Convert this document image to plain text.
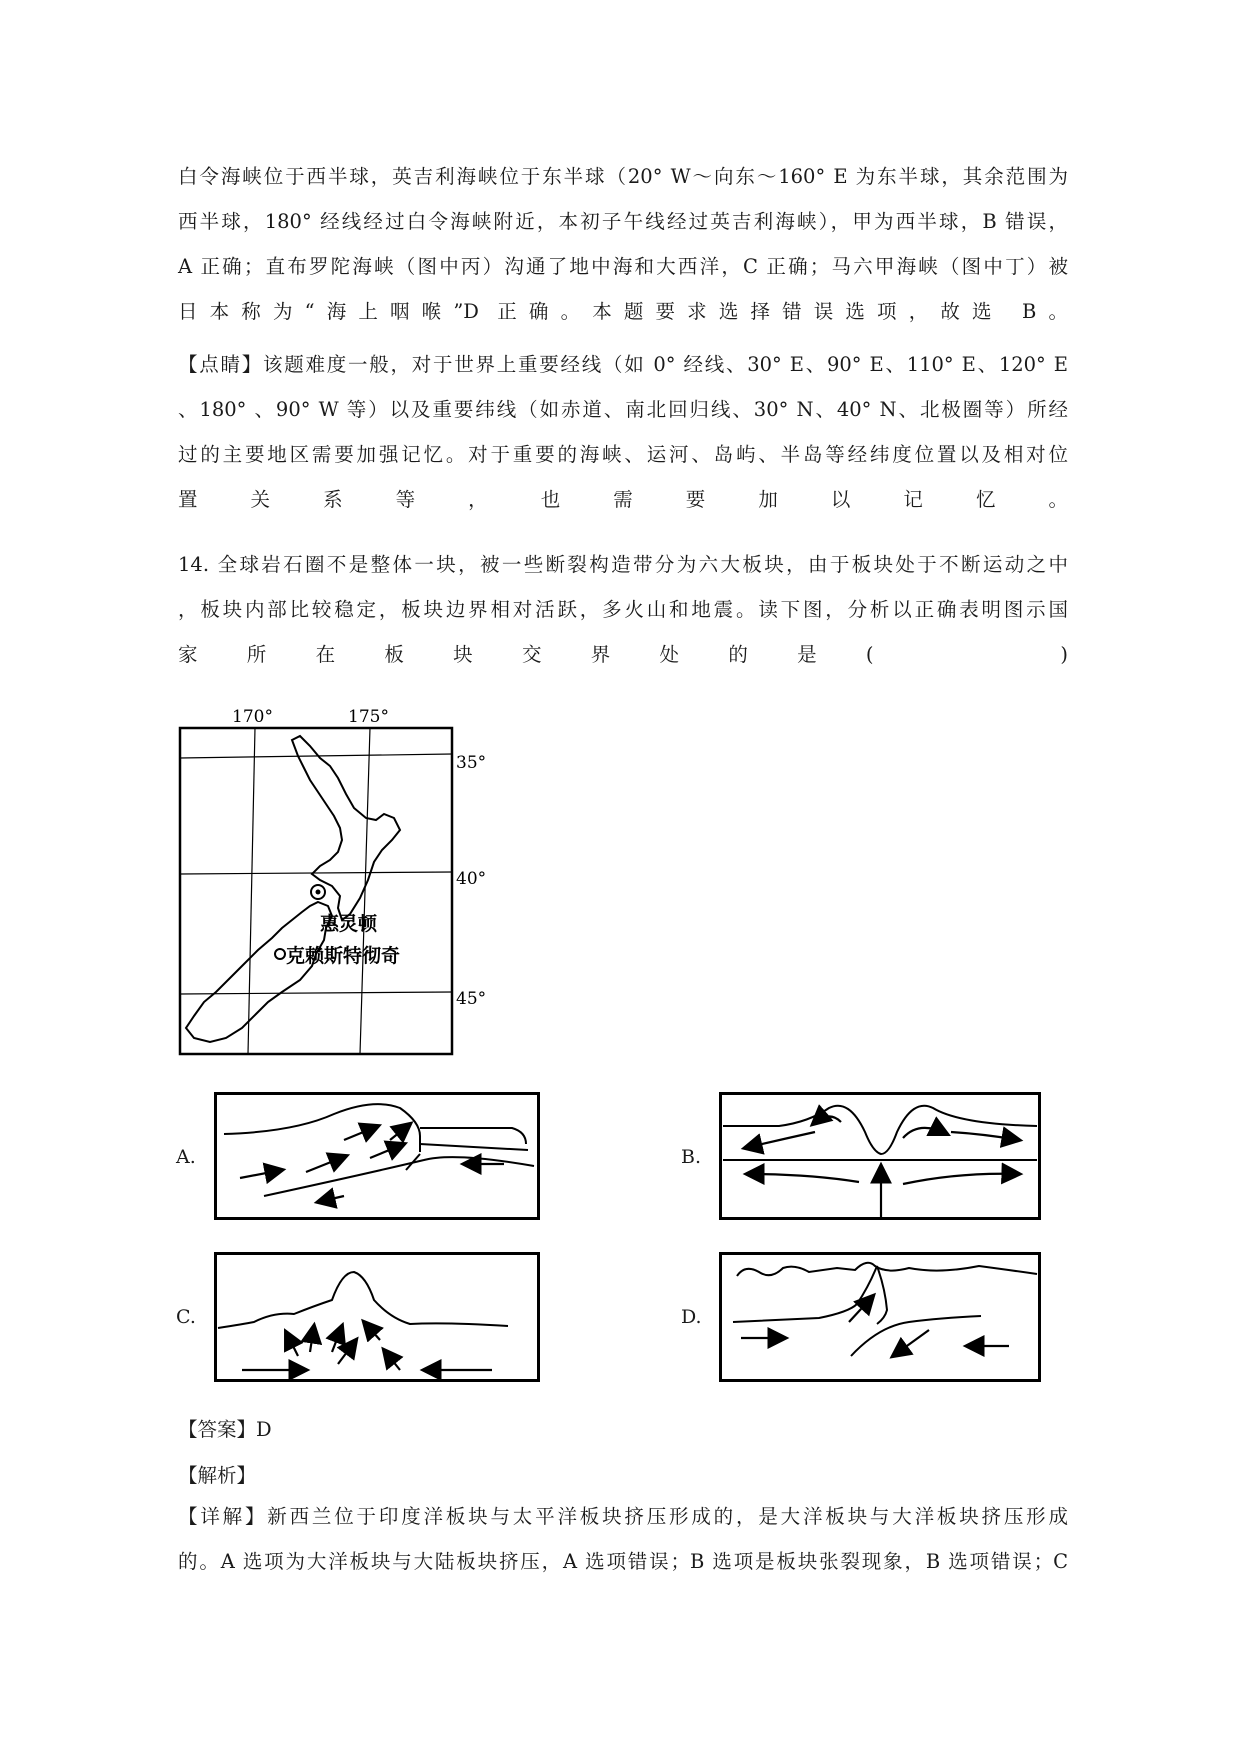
白令海峡位于西半球，英吉利海峡位于东半球（20° W～向东～160° E 为东半球，其余范围为
西半球，180° 经线经过白令海峡附近，本初子午线经过英吉利海峡），甲为西半球，B 错误，
A 正确；直布罗陀海峡（图中丙）沟通了地中海和大西洋，C 正确；马六甲海峡（图中丁）被
日本称为“海上咽喉”D 正确。本题要求选择错误选项，故选 B。
【点睛】该题难度一般，对于世界上重要经线（如 0° 经线、30° E、90° E、110° E、120° E
、180° 、90° W 等）以及重要纬线（如赤道、南北回归线、30° N、40° N、北极圈等）所经
过的主要地区需要加强记忆。对于重要的海峡、运河、岛屿、半岛等经纬度位置以及相对位
置关系等，也需要加以记忆。
14. 全球岩石圈不是整体一块，被一些断裂构造带分为六大板块，由于板块处于不断运动之中
，板块内部比较稳定，板块边界相对活跃，多火山和地震。读下图，分析以正确表明图示国
家所在板块交界处的是(　　)
170°	175°
35°
40°
45°
惠灵顿
克赖斯特彻奇
A.	B.
C.	D.
【答案】D
【解析】
【详解】新西兰位于印度洋板块与太平洋板块挤压形成的，是大洋板块与大洋板块挤压形成
的。A 选项为大洋板块与大陆板块挤压，A 选项错误；B 选项是板块张裂现象，B 选项错误；C
